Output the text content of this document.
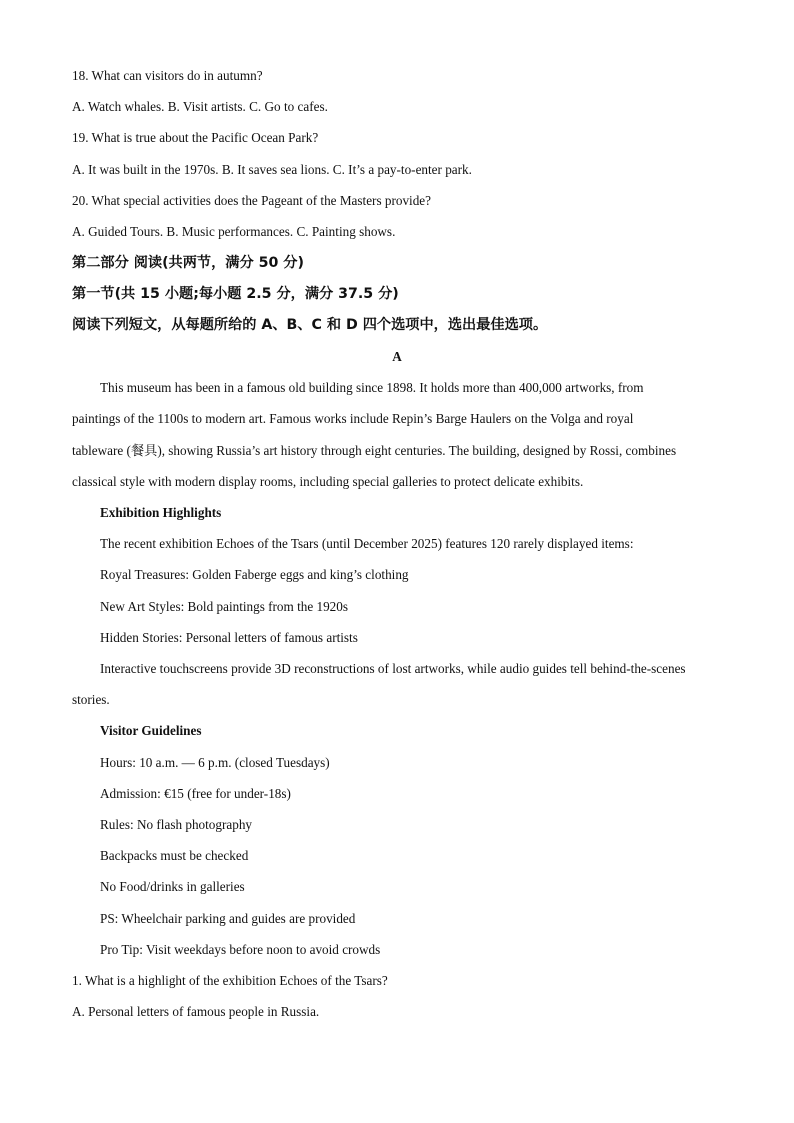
18. What can visitors do in autumn?
A. Watch whales. B. Visit artists. C. Go to cafes.
19. What is true about the Pacific Ocean Park?
A. It was built in the 1970s. B. It saves sea lions. C. It’s a pay-to-enter park.
20. What special activities does the Pageant of the Masters provide?
A. Guided Tours. B. Music performances. C. Painting shows.
第二部分 阅读(共两节，满分 50 分)
第一节(共 15 小题;每小题 2.5 分，满分 37.5 分)
阅读下列短文，从每题所给的 A、B、C 和 D 四个选项中，选出最佳选项。
A
This museum has been in a famous old building since 1898. It holds more than 400,000 artworks, from
paintings of the 1100s to modern art. Famous works include Repin’s Barge Haulers on the Volga and royal
tableware (餐具), showing Russia’s art history through eight centuries. The building, designed by Rossi, combines
classical style with modern display rooms, including special galleries to protect delicate exhibits.
Exhibition Highlights
The recent exhibition Echoes of the Tsars (until December 2025) features 120 rarely displayed items:
Royal Treasures: Golden Faberge eggs and king’s clothing
New Art Styles: Bold paintings from the 1920s
Hidden Stories: Personal letters of famous artists
Interactive touchscreens provide 3D reconstructions of lost artworks, while audio guides tell behind-the-scenes
stories.
Visitor Guidelines
Hours: 10 a.m. — 6 p.m. (closed Tuesdays)
Admission: €15 (free for under-18s)
Rules: No flash photography
Backpacks must be checked
No Food/drinks in galleries
PS: Wheelchair parking and guides are provided
Pro Tip: Visit weekdays before noon to avoid crowds
1. What is a highlight of the exhibition Echoes of the Tsars?
A. Personal letters of famous people in Russia.
